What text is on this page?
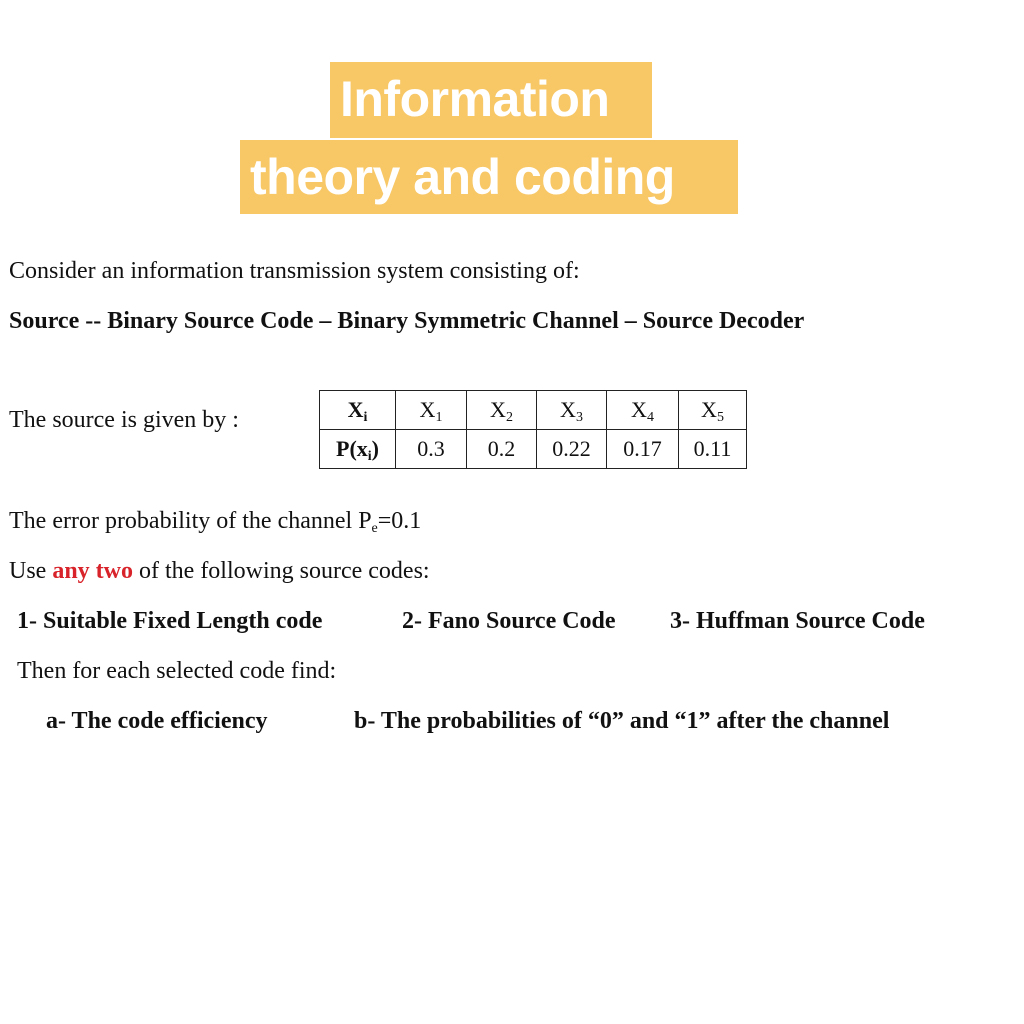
Information
theory and coding
Consider an information transmission system consisting of:
Source -- Binary Source Code – Binary Symmetric Channel – Source Decoder
The source is given by :	$X_i$	$X_1$	$X_2$	$X_3$	$X_4$	$X_5$
$P(x_i)$	0.3	0.2	0.22	0.17	0.11
The error probability of the channel $P_e=0.1$
Use any two of the following source codes:
1- Suitable Fixed Length code	2- Fano Source Code 3- Huffman Source Code
Then for each selected code find:
a- The code efficiency	b- The probabilities of “0” and “1” after the channel
